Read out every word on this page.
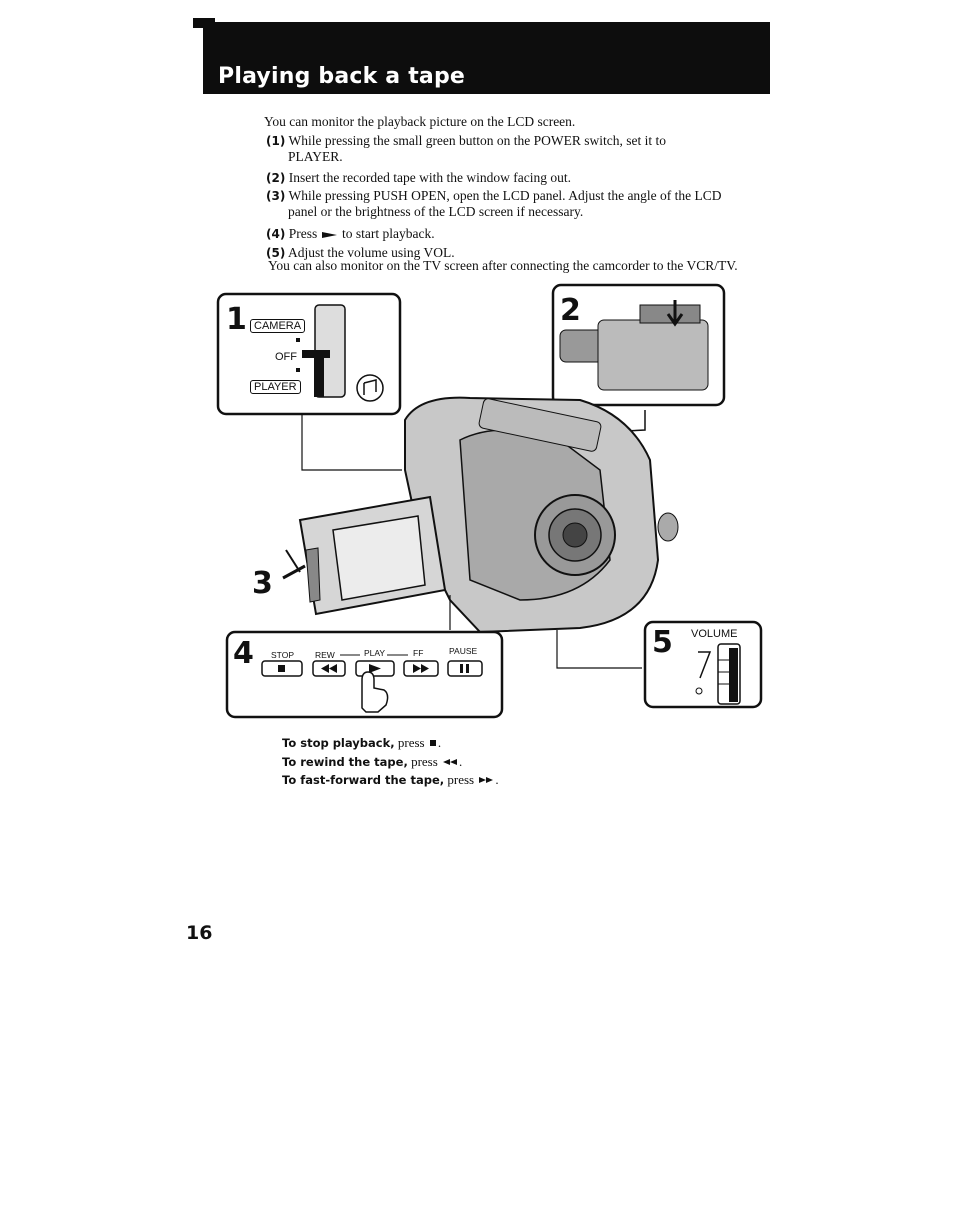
Playing back a tape
You can monitor the playback picture on the LCD screen.
(1) While pressing the small green button on the POWER switch, set it to
PLAYER.
(2) Insert the recorded tape with the window facing out.
(3) While pressing PUSH OPEN, open the LCD panel. Adjust the angle of the LCD
panel or the brightness of the LCD screen if necessary.
(4) Press to start playback.
(5) Adjust the volume using VOL.
You can also monitor on the TV screen after connecting the camcorder to the VCR/TV.
1 CAMERA
OFF
PLAYER
2
3
4 STOP REW	PLAY	FF	PAUSE	5 VOLUME
To stop playback, press .
To rewind the tape, press .
To fast-forward the tape, press .
16
